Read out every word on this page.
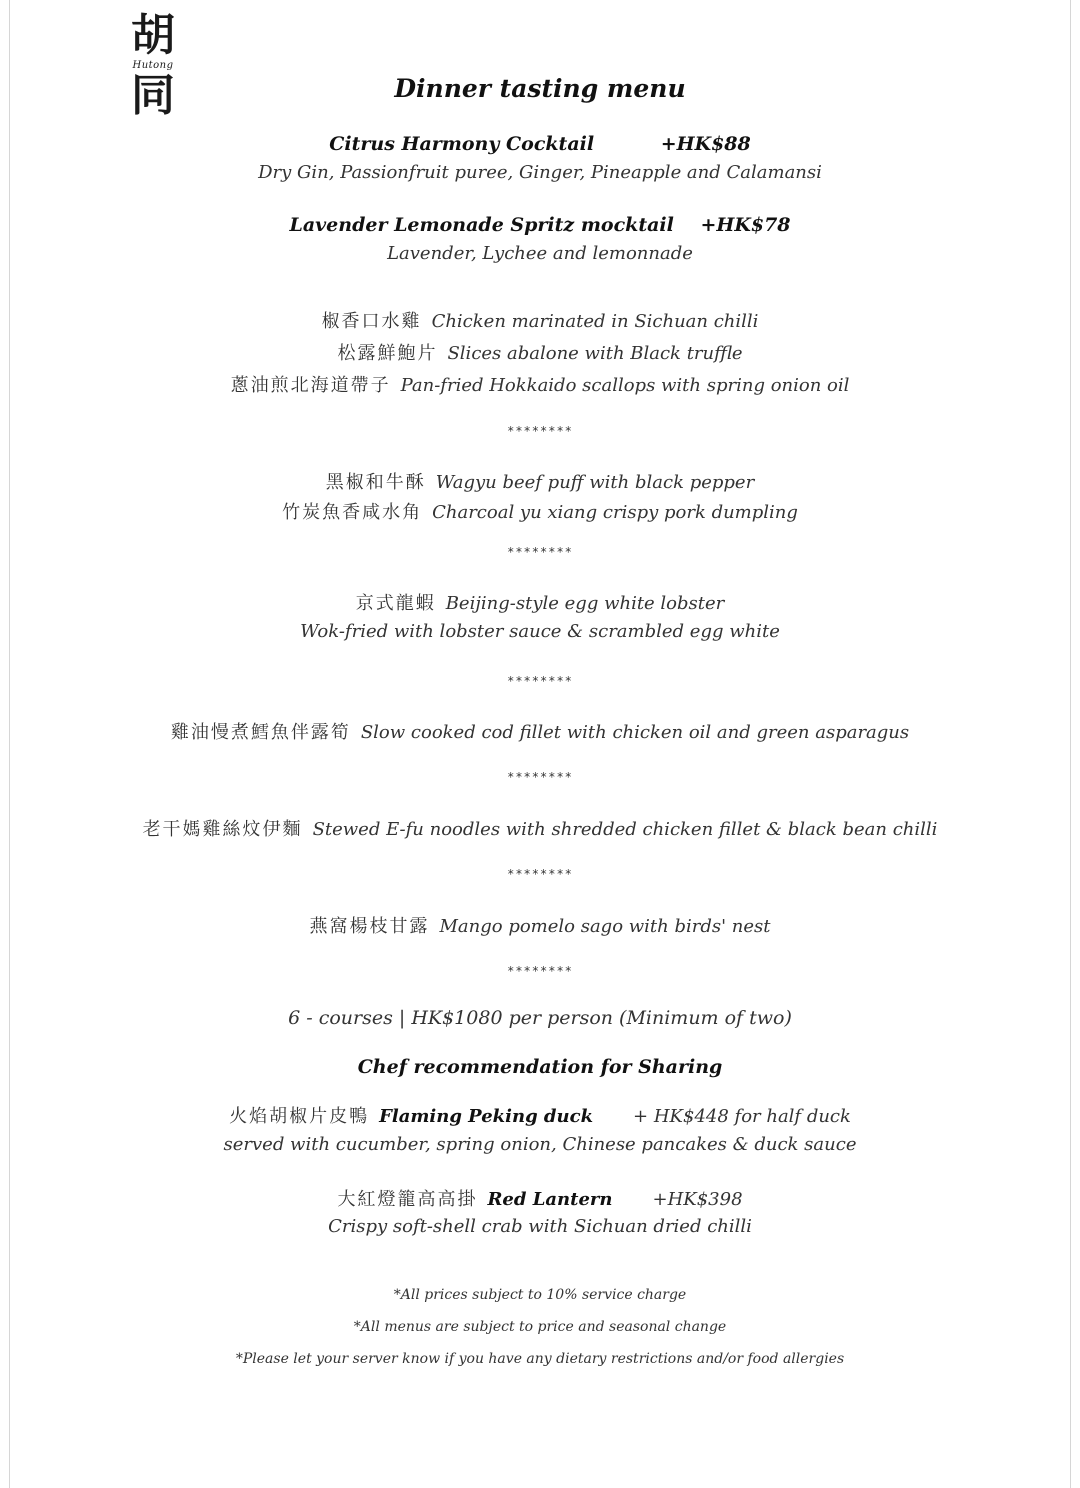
胡
Hutong
同	Dinner tasting menu
Citrus Harmony Cocktail	+HK$88
Dry Gin, Passionfruit puree, Ginger, Pineapple and Calamansi
Lavender Lemonade Spritz mocktail +HK$78
Lavender, Lychee and lemonnade
椒香口水雞 Chicken marinated in Sichuan chilli
松露鮮鮑片 Slices abalone with Black truffle
蔥油煎北海道帶子 Pan-fried Hokkaido scallops with spring onion oil
********
黑椒和牛酥 Wagyu beef puff with black pepper
竹炭魚香咸水角 Charcoal yu xiang crispy pork dumpling
********
京式龍蝦 Beijing-style egg white lobster
Wok-fried with lobster sauce & scrambled egg white
********
雞油慢煮鱈魚伴露筍 Slow cooked cod fillet with chicken oil and green asparagus
********
老干媽雞絲炆伊麵 Stewed E-fu noodles with shredded chicken fillet & black bean chilli
********
燕窩楊枝甘露 Mango pomelo sago with birds' nest
********
6 - courses | HK$1080 per person (Minimum of two)
Chef recommendation for Sharing
火焰胡椒片皮鴨 Flaming Peking duck + HK$448 for half duck
served with cucumber, spring onion, Chinese pancakes & duck sauce
大紅燈籠高高掛 Red Lantern +HK$398
Crispy soft-shell crab with Sichuan dried chilli
*All prices subject to 10% service charge
*All menus are subject to price and seasonal change
*Please let your server know if you have any dietary restrictions and/or food allergies
